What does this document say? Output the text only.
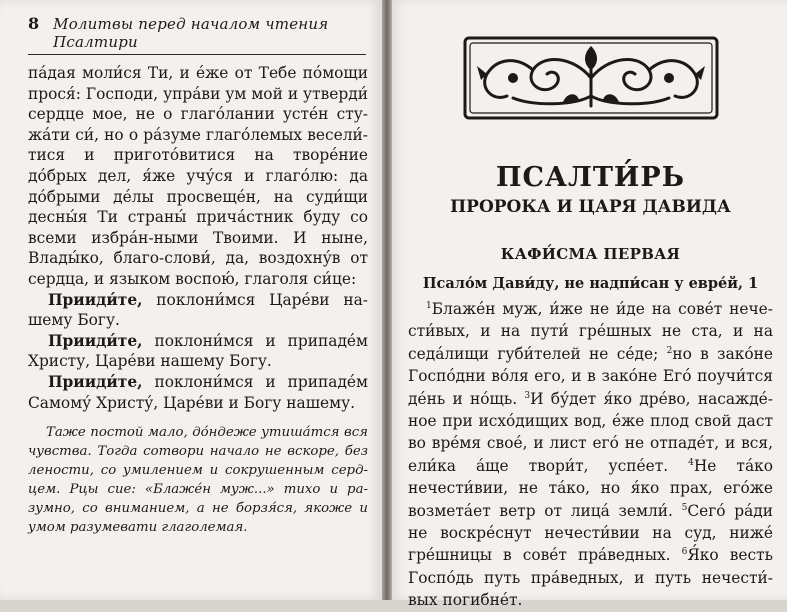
8 Молитвы перед началом чтения Псалтири

па́дая моли́ся Ти, и е́же от Тебе по́мощи прося́: Господи, упра́ви ум мой и утверди́ сердце мое, не о глаго́лании усте́н сту-жа́ти си́, но о ра́зуме глаго́лемых весели́-тися и пригото́витися на творе́ние до́брых дел, я́же учу́ся и глаго́лю: да до́брыми де́лы просвеще́н, на суди́щи десны́я Ти страны́ прича́стник буду со всеми избра́н-ными Твоими. И ныне, Влады́ко, благо-слови́, да, воздохну́в от сердца, и языком воспою́, глаголя си́це:

Прииди́те, поклони́мся Царе́ви на-шему Богу.

Прииди́те, поклони́мся и припаде́м Христу, Царе́ви нашему Богу.

Прииди́те, поклони́мся и припаде́м Самому́ Христу́, Царе́ви и Богу нашему.

Таже постой мало, до́ндеже утиша́тся вся чувства. Тогда сотвори начало не вскоре, без лености, со умилением и сокрушенным серд-цем. Рцы сие: «Блаже́н муж...» тихо и ра-зумно, со вниманием, а не борзя́ся, якоже и умом разумевати глаголемая.
ПСАЛТИ́РЬ
ПРОРОКА И ЦАРЯ ДАВИДА
КАФИ́СМА ПЕРВАЯ
Псало́м Дави́ду, не надпи́сан у евре́й, 1
$^1$Блаже́н муж, и́же не и́де на сове́т нече-сти́вых, и на пути́ гре́шных не ста, и на седа́лищи губи́телей не се́де; $^2$но в зако́не Госпо́дни во́ля его, и в зако́не Его́ поучи́тся де́нь и но́щь. $^3$И бу́дет я́ко дре́во, насажде́-ное при исхо́дищих вод, е́же плод свой даст во вре́мя свое́, и лист его́ не отпаде́т, и вся, ели́ка а́ще твори́т, успе́ет. $^4$Не та́ко нечести́вии, не та́ко, но я́ко прах, его́же возмета́ет ветр от лица́ земли́. $^5$Сего́ ра́ди не воскре́снут нечести́вии на суд, ниже́ гре́шницы в сове́т пра́ведных. $^6$Я́ко весть Госпо́дь путь пра́ведных, и путь нечести́-вых погибне́т.
